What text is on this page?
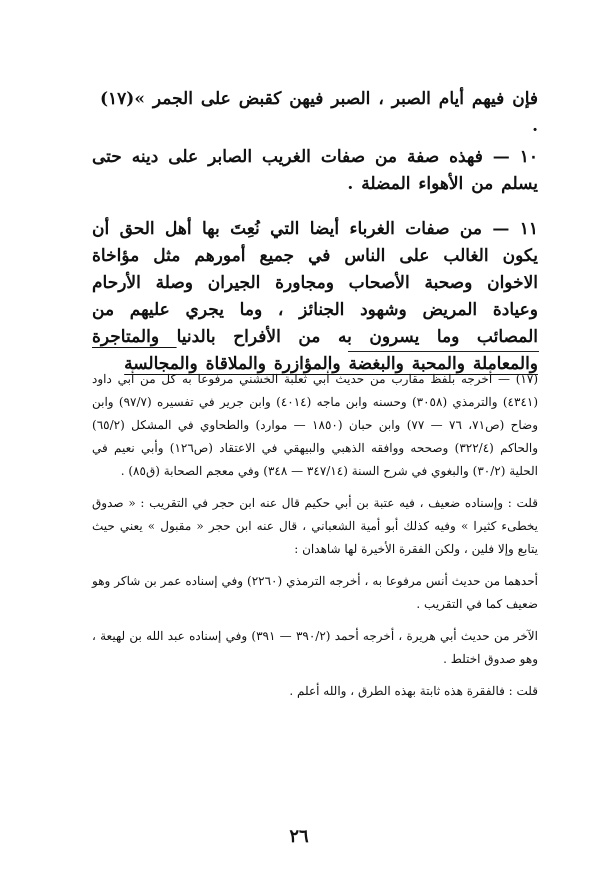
فإن فيهم أيام الصبر ، الصبر فيهن كقبض على الجمر »(١٧) .

١٠ — فهذه صفة من صفات الغريب الصابر على دينه حتى يسلم من الأهواء المضلة .

١١ — من صفات الغرباء أيضا التي نُعِتَ بها أهل الحق أن يكون الغالب على الناس في جميع أمورهم مثل مؤاخاة الاخوان وصحبة الأصحاب ومجاورة الجيران وصلة الأرحام وعيادة المريض وشهود الجنائز ، وما يجري عليهم من المصائب وما يسرون به من الأفراح بالدنيا والمتاجرة والمعاملة والمحبة والبغضة والمؤازرة والملاقاة والمجالسة

(١٧) — أخرجه بلفظ مقارب من حديث أبي ثعلبة الخشني مرفوعا به كل من أبي داود (٤٣٤١) والترمذي (٣٠٥٨) وحسنه وابن ماجه (٤٠١٤) وابن جرير في تفسيره (٩٧/٧) وابن وضاح (ص٧١، ٧٦ — ٧٧) وابن حبان (١٨٥٠ — موارد) والطحاوي في المشكل (٦٥/٢) والحاكم (٣٢٢/٤) وصححه ووافقه الذهبي والبيهقي في الاعتقاد (ص١٢٦) وأبي نعيم في الحلية (٣٠/٢) والبغوي في شرح السنة (٣٤٧/١٤ — ٣٤٨) وفي معجم الصحابة (ق٨٥) .

قلت : وإسناده ضعيف ، فيه عتبة بن أبي حكيم قال عنه ابن حجر في التقريب : « صدوق يخطىء كثيرا » وفيه كذلك أبو أمية الشعباني ، قال عنه ابن حجر « مقبول » يعني حيث يتابع وإلا فلين ، ولكن الفقرة الأخيرة لها شاهدان :

أحدهما من حديث أنس مرفوعا به ، أخرجه الترمذي (٢٢٦٠) وفي إسناده عمر بن شاكر وهو ضعيف كما في التقريب .

الآخر من حديث أبي هريرة ، أخرجه أحمد (٣٩٠/٢ — ٣٩١) وفي إسناده عبد الله بن لهيعة ، وهو صدوق اختلط .

قلت : فالفقرة هذه ثابتة بهذه الطرق ، والله أعلم .

٢٦
